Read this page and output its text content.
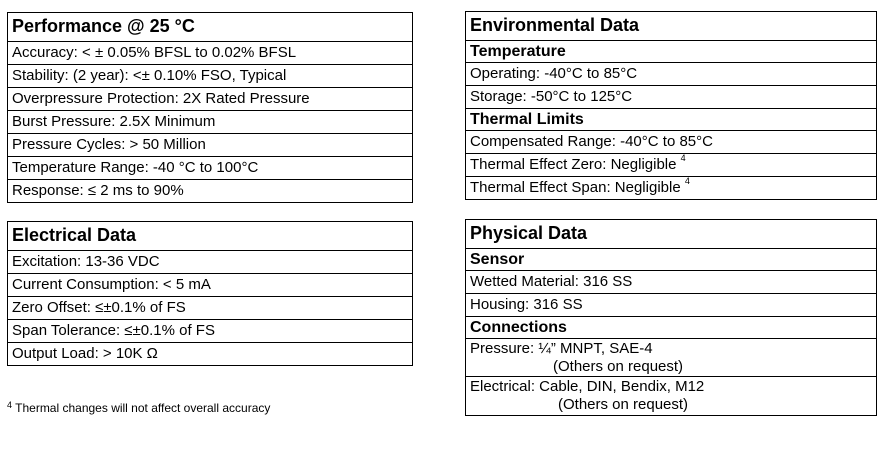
Performance @ 25 °C
Accuracy: < ± 0.05% BFSL to 0.02% BFSL
Stability: (2 year): <± 0.10% FSO, Typical
Overpressure Protection: 2X Rated Pressure
Burst Pressure: 2.5X Minimum
Pressure Cycles: > 50 Million
Temperature Range: -40 °C to 100°C
Response: ≤ 2 ms to 90%
Electrical Data
Excitation: 13-36 VDC
Current Consumption: < 5 mA
Zero Offset: ≤±0.1% of FS
Span Tolerance: ≤±0.1% of FS
Output Load: > 10K Ω
Environmental Data
Temperature
Operating: -40°C to 85°C
Storage: -50°C to 125°C
Thermal Limits
Compensated Range: -40°C to 85°C
Thermal Effect Zero: Negligible $^4$
Thermal Effect Span: Negligible $^4$
Physical Data
Sensor
Wetted Material: 316 SS
Housing: 316 SS
Connections
Pressure: ¼” MNPT, SAE-4
(Others on request)
Electrical: Cable, DIN, Bendix, M12
(Others on request)
$^4$ Thermal changes will not affect overall accuracy
